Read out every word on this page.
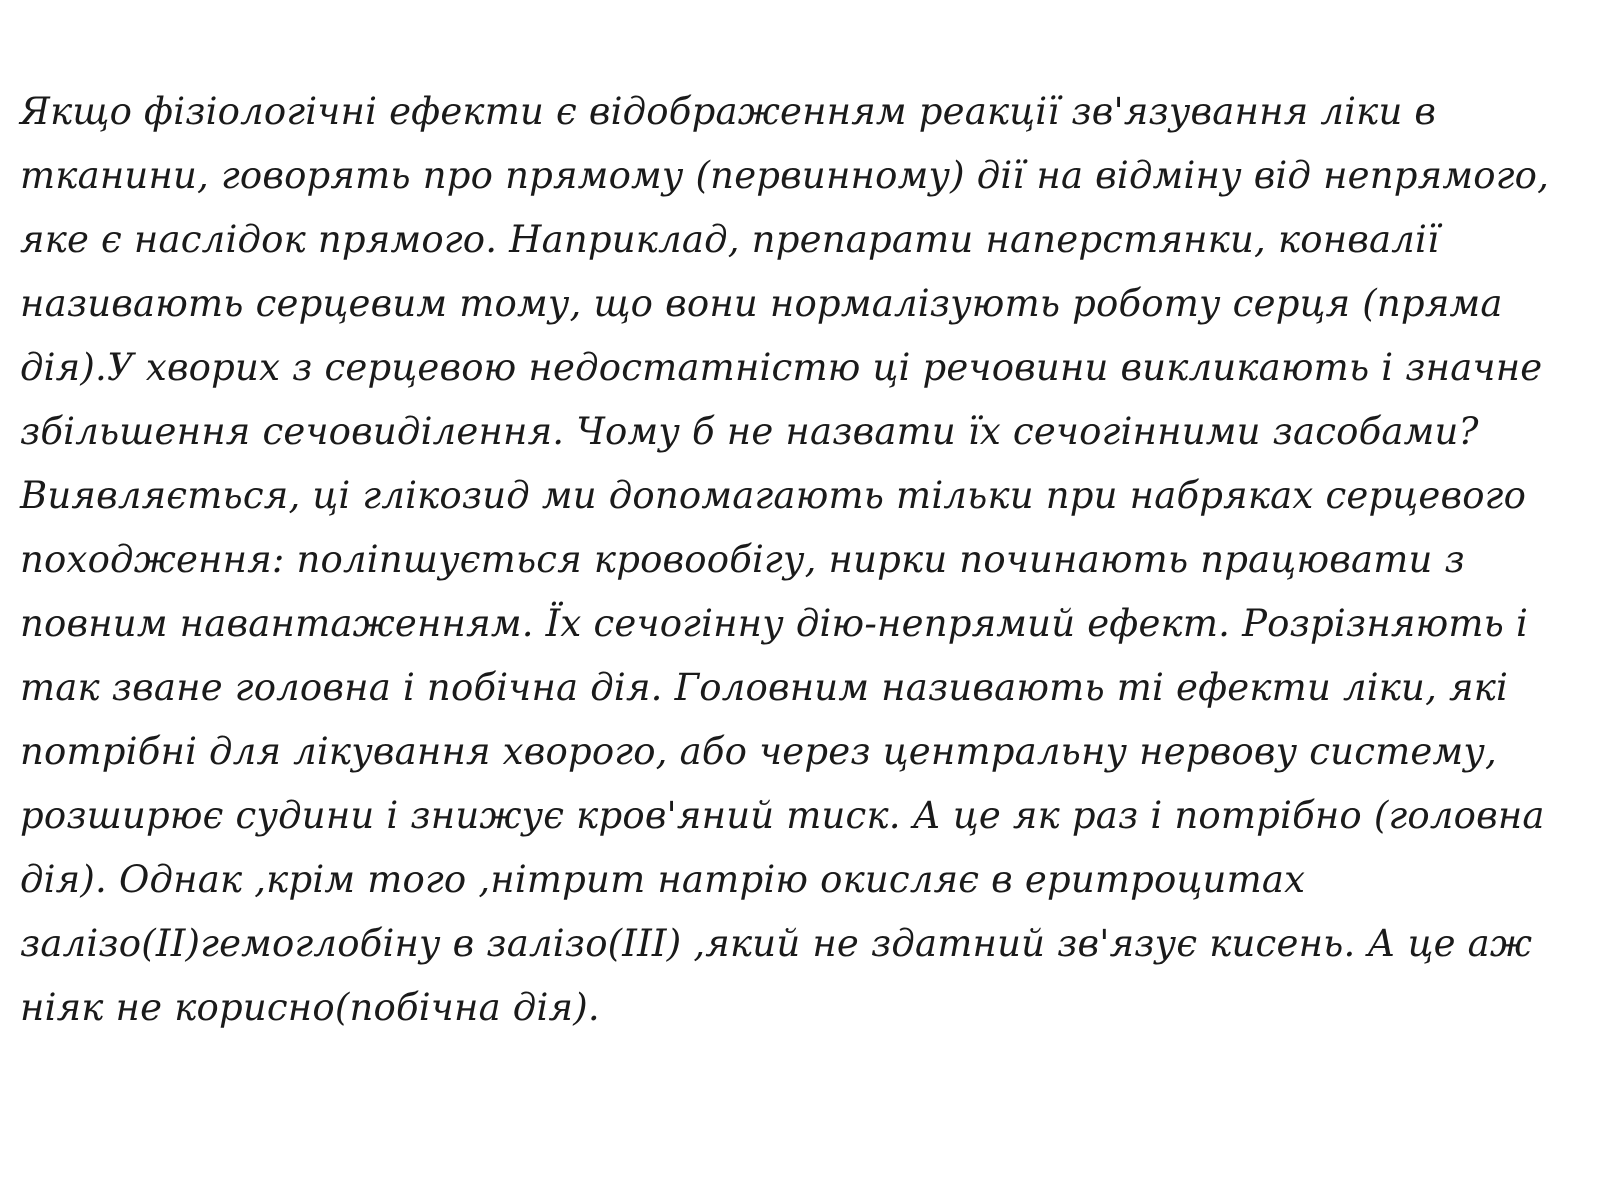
Якщо фізіологічні ефекти є відображенням реакції зв'язування ліки в
тканини, говорять про прямому (первинному) дії на відміну від непрямого,
яке є наслідок прямого. Наприклад, препарати наперстянки, конвалії
називають серцевим тому, що вони нормалізують роботу серця (пряма
дія).У хворих з серцевою недостатністю ці речовини викликають і значне
збільшення сечовиділення. Чому б не назвати їх сечогінними засобами?
Виявляється, ці глікозид ми допомагають тільки при набряках серцевого
походження: поліпшується кровообігу, нирки починають працювати з
повним навантаженням. Їх сечогінну дію-непрямий ефект. Розрізняють і
так зване головна і побічна дія. Головним називають ті ефекти ліки, які
потрібні для лікування хворого, або через центральну нервову систему,
розширює судини і знижує кров'яний тиск. А це як раз і потрібно (головна
дія). Однак ,крім того ,нітрит натрію окисляє в еритроцитах
залізо(II)гемоглобіну в залізо(III) ,який не здатний зв'язує кисень. А це аж
ніяк не корисно(побічна дія).
